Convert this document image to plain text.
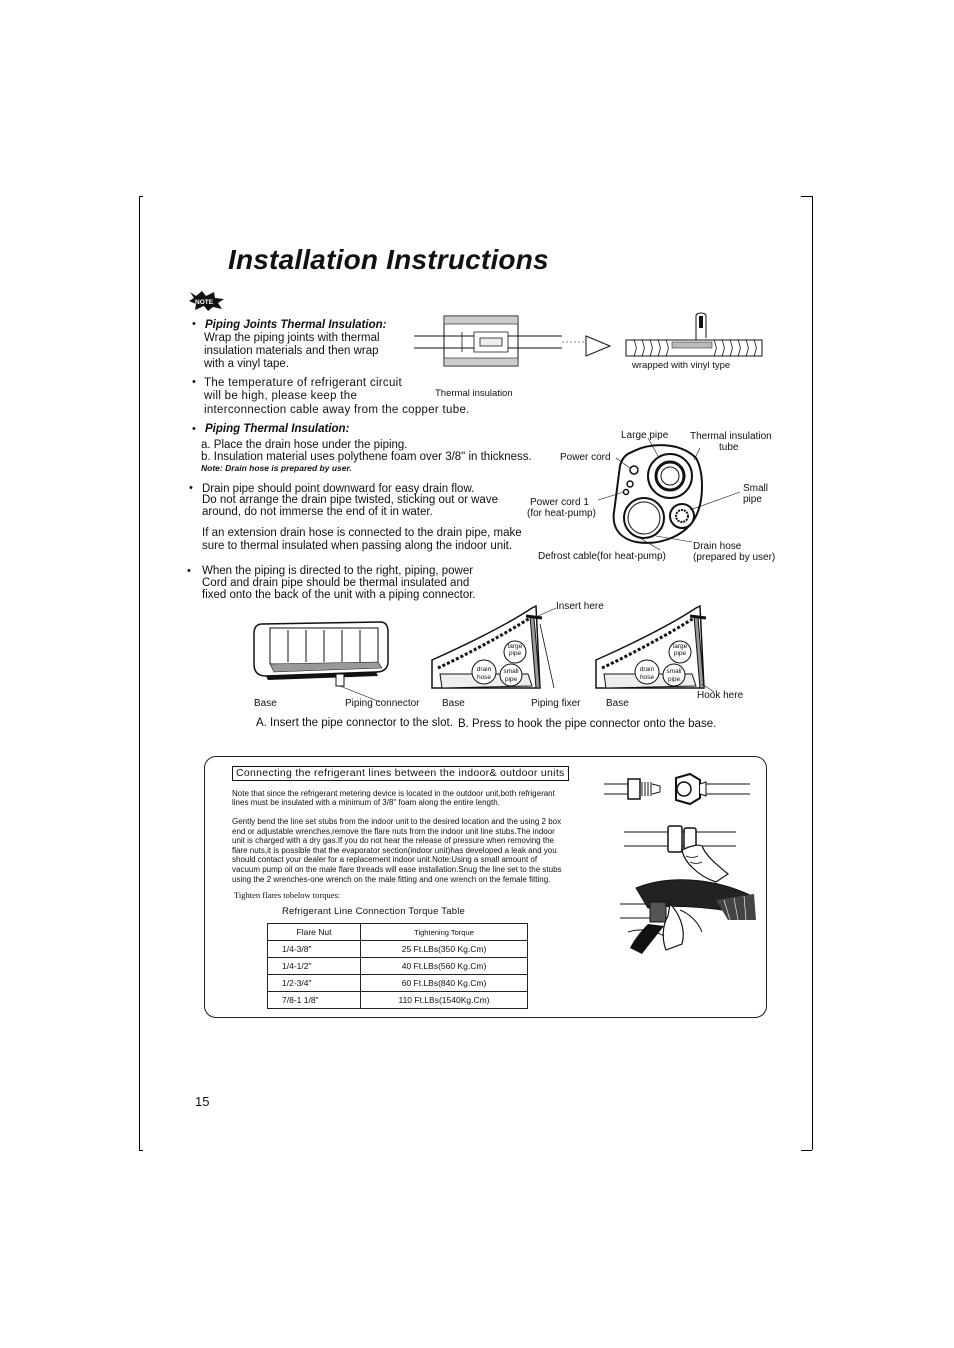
Installation Instructions
NOTE
• Piping Joints Thermal Insulation:
Wrap the piping joints with thermal
insulation materials and then wrap
with a vinyl tape.
• The temperature of refrigerant circuit
will be high, please keep the
interconnection cable away from the copper tube.
Thermal insulation
wrapped with vinyl type
• Piping Thermal Insulation:
a. Place the drain hose under the piping.
b. Insulation material uses polythene foam over 3/8" in thickness.
Note: Drain hose is prepared by user.
Large pipe Thermal insulation
tube
Power cord
Power cord 1
(for heat-pump)
Small
pipe
Drain hose
(prepared by user)
Defrost cable(for heat-pump)
• Drain pipe should point downward for easy drain flow.
Do not arrange the drain pipe twisted, sticking out or wave
around, do not immerse the end of it in water.
If an extension drain hose is connected to the drain pipe, make
sure to thermal insulated when passing along the indoor unit.
• When the piping is directed to the right, piping, power
Cord and drain pipe should be thermal insulated and
fixed onto the back of the unit with a piping connector.
large
pipe
drain
hose
small
pipe
large
pipe
drain
hose
small
pipe
Base	Piping connector Base
Insert here
Piping fixer	Base
Hook here
A. Insert the pipe connector to the slot. B. Press to hook the pipe connector onto the base.
Connecting the refrigerant lines between the indoor& outdoor units
Note that since the refrigerant metering device is located in the outdoor unit,both refrigerant
lines must be insulated with a minimum of 3/8" foam along the entire length.
Gently bend the line set stubs from the indoor unit to the desired location and the using 2 box
end or adjustable wrenches,remove the flare nuts from the indoor unit line stubs.The indoor
unit is charged with a dry gas.If you do not hear the release of pressure when removing the
flare nuts,it is possible that the evaporator section(indoor unit)has developed a leak and you
should contact your dealer for a replacement indoor unit.Note:Using a small amount of
vacuum pump oil on the male flare threads will ease installation.Snug the line set to the stubs
using the 2 wrenches-one wrench on the male fitting and one wrench on the female fitting.
Tighten flares tobelow torques:
Refrigerant Line Connection Torque Table
Flare Nut	Tightening Torque
1/4-3/8"	25 Ft.LBs(350 Kg.Cm)
1/4-1/2"	40 Ft.LBs(560 Kg.Cm)
1/2-3/4"	60 Ft.LBs(840 Kg.Cm)
7/8-1 1/8"	110 Ft.LBs(1540Kg.Cm)
15
